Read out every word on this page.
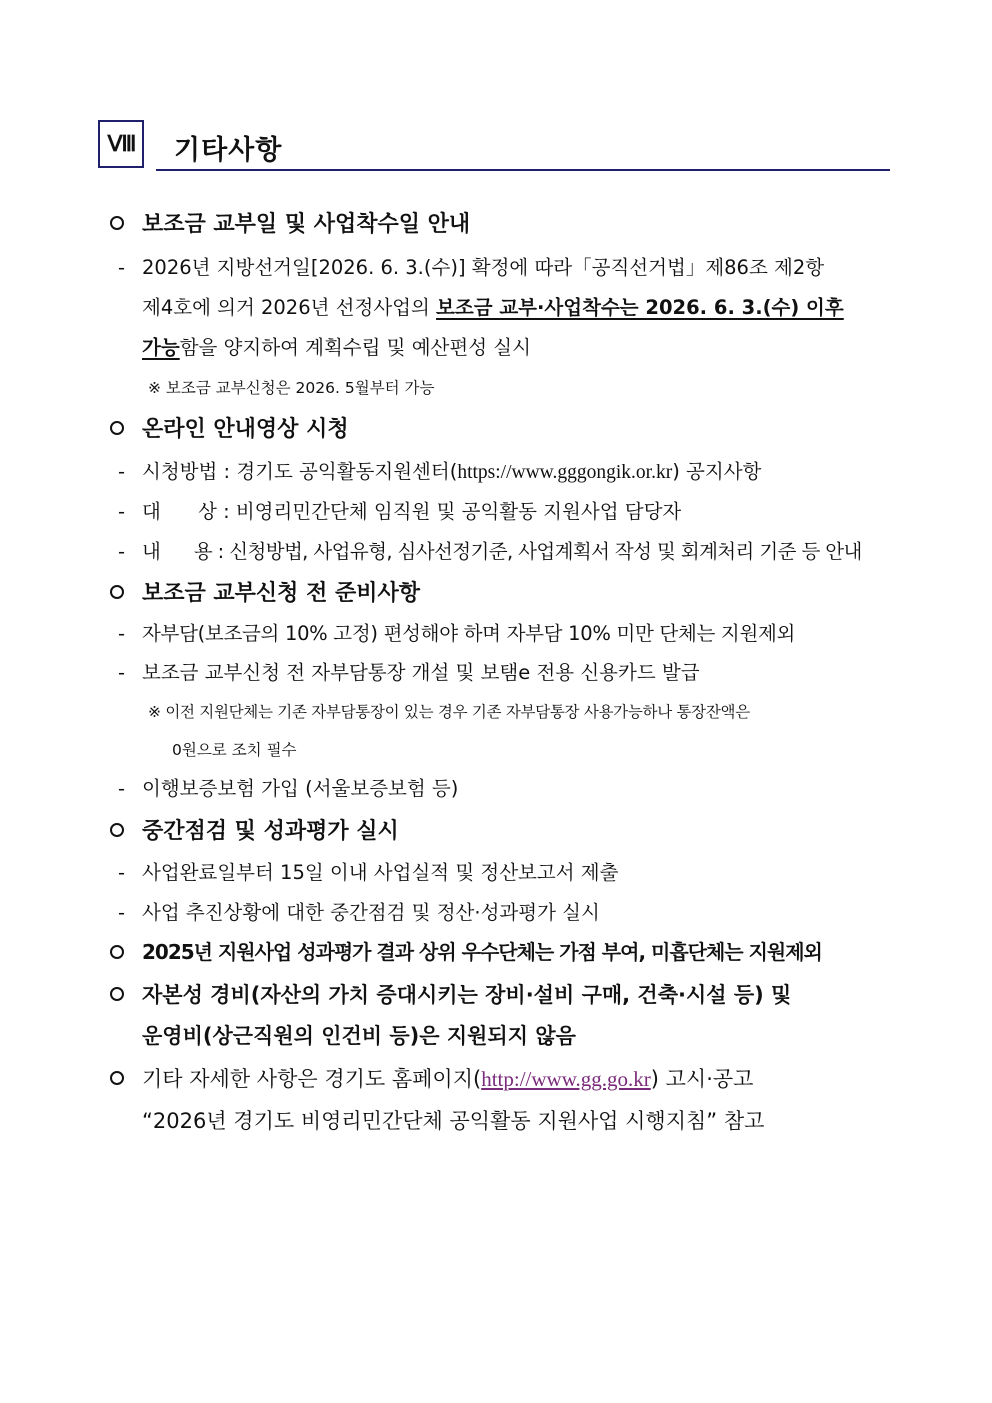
Ⅷ	기타사항
보조금 교부일 및 사업착수일 안내
- 2026년 지방선거일[2026. 6. 3.(수)] 확정에 따라「공직선거법」제86조 제2항
제4호에 의거 2026년 선정사업의 보조금 교부·사업착수는 2026. 6. 3.(수) 이후
가능함을 양지하여 계획수립 및 예산편성 실시
※ 보조금 교부신청은 2026. 5월부터 가능
온라인 안내영상 시청
- 시청방법 : 경기도 공익활동지원센터(https://www.gggongik.or.kr) 공지사항
- 대      상 : 비영리민간단체 임직원 및 공익활동 지원사업 담당자
- 내      용 : 신청방법, 사업유형, 심사선정기준, 사업계획서 작성 및 회계처리 기준 등 안내
보조금 교부신청 전 준비사항
- 자부담(보조금의 10% 고정) 편성해야 하며 자부담 10% 미만 단체는 지원제외
- 보조금 교부신청 전 자부담통장 개설 및 보탬e 전용 신용카드 발급
※ 이전 지원단체는 기존 자부담통장이 있는 경우 기존 자부담통장 사용가능하나 통장잔액은
0원으로 조치 필수
- 이행보증보험 가입 (서울보증보험 등)
중간점검 및 성과평가 실시
- 사업완료일부터 15일 이내 사업실적 및 정산보고서 제출
- 사업 추진상황에 대한 중간점검 및 정산·성과평가 실시
2025년 지원사업 성과평가 결과 상위 우수단체는 가점 부여, 미흡단체는 지원제외
자본성 경비(자산의 가치 증대시키는 장비·설비 구매, 건축·시설 등) 및
운영비(상근직원의 인건비 등)은 지원되지 않음
기타 자세한 사항은 경기도 홈페이지(http://www.gg.go.kr) 고시·공고
“2026년 경기도 비영리민간단체 공익활동 지원사업 시행지침” 참고
